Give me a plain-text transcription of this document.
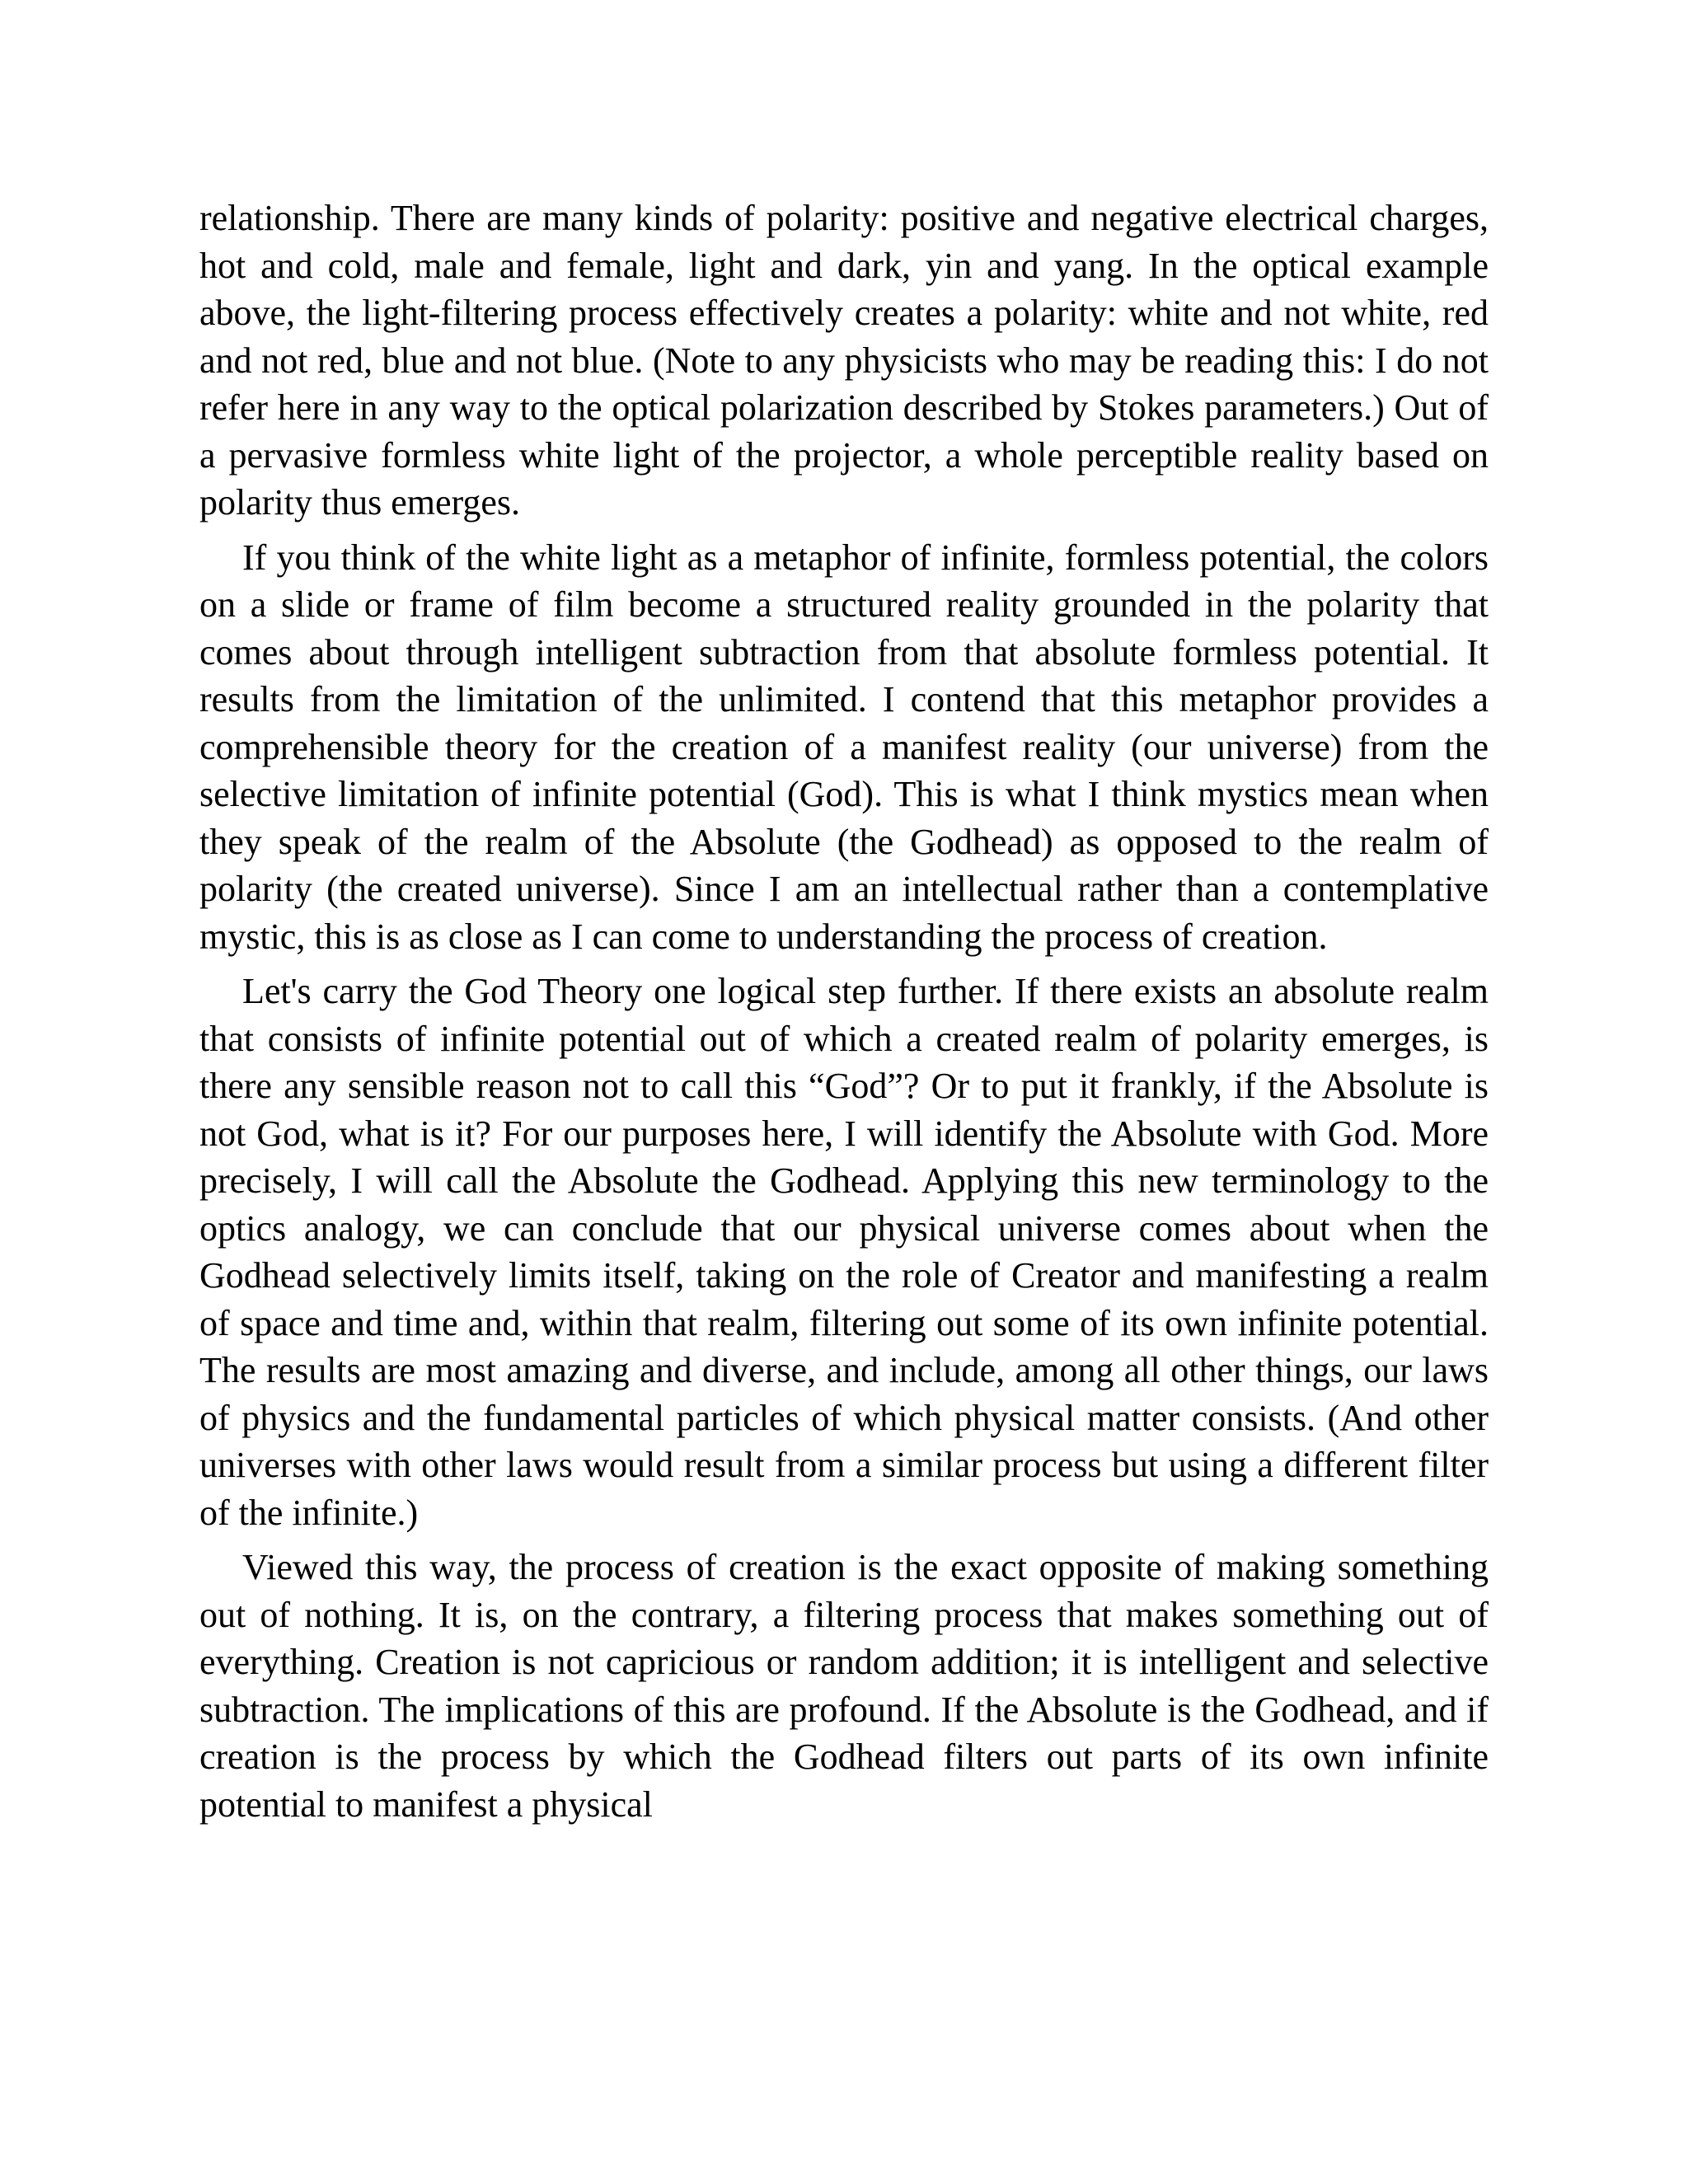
relationship. There are many kinds of polarity: positive and negative electrical charges, hot and cold, male and female, light and dark, yin and yang. In the optical example above, the light-filtering process effectively creates a polarity: white and not white, red and not red, blue and not blue. (Note to any physicists who may be reading this: I do not refer here in any way to the optical polarization described by Stokes parameters.) Out of a pervasive formless white light of the projector, a whole perceptible reality based on polarity thus emerges.

If you think of the white light as a metaphor of infinite, formless potential, the colors on a slide or frame of film become a structured reality grounded in the polarity that comes about through intelligent subtraction from that absolute formless potential. It results from the limitation of the unlimited. I contend that this metaphor provides a comprehensible theory for the creation of a manifest reality (our universe) from the selective limitation of infinite potential (God). This is what I think mystics mean when they speak of the realm of the Absolute (the Godhead) as opposed to the realm of polarity (the created universe). Since I am an intellectual rather than a contemplative mystic, this is as close as I can come to understanding the process of creation.

Let's carry the God Theory one logical step further. If there exists an absolute realm that consists of infinite potential out of which a created realm of polarity emerges, is there any sensible reason not to call this “God”? Or to put it frankly, if the Absolute is not God, what is it? For our purposes here, I will identify the Absolute with God. More precisely, I will call the Absolute the Godhead. Applying this new terminology to the optics analogy, we can conclude that our physical universe comes about when the Godhead selectively limits itself, taking on the role of Creator and manifesting a realm of space and time and, within that realm, filtering out some of its own infinite potential. The results are most amazing and diverse, and include, among all other things, our laws of physics and the fundamental particles of which physical matter consists. (And other universes with other laws would result from a similar process but using a different filter of the infinite.)

Viewed this way, the process of creation is the exact opposite of making something out of nothing. It is, on the contrary, a filtering process that makes something out of everything. Creation is not capricious or random addition; it is intelligent and selective subtraction. The implications of this are profound. If the Absolute is the Godhead, and if creation is the process by which the Godhead filters out parts of its own infinite potential to manifest a physical
